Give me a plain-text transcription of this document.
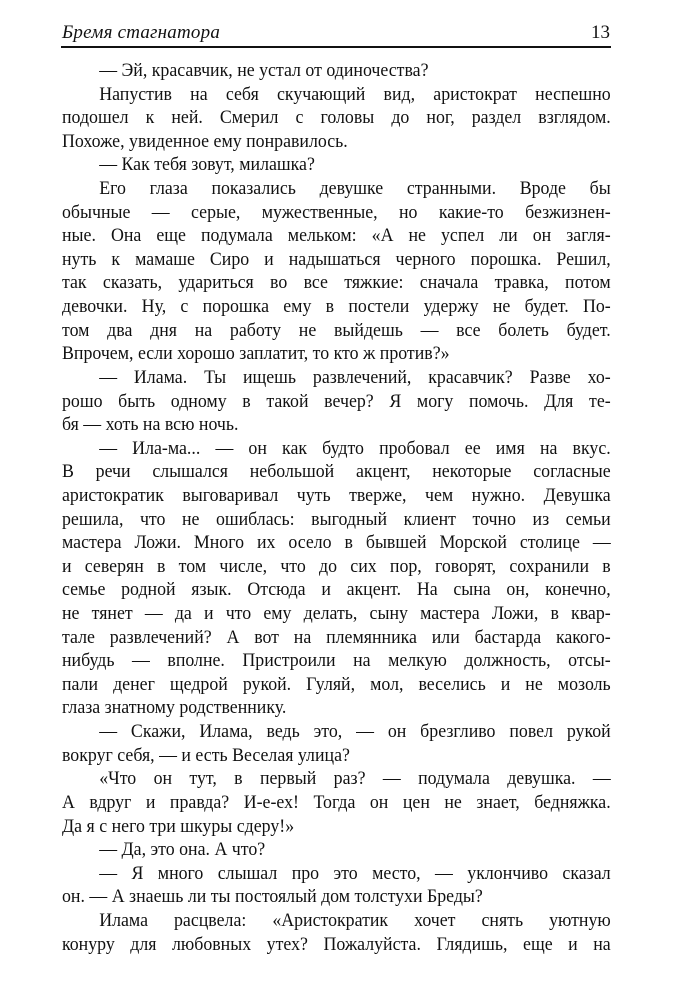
Бремя стагнатора	13
— Эй, красавчик, не устал от одиночества?
Напустив на себя скучающий вид, аристократ неспешно
подошел к ней. Смерил с головы до ног, раздел взглядом.
Похоже, увиденное ему понравилось.
— Как тебя зовут, милашка?
Его глаза показались девушке странными. Вроде бы
обычные — серые, мужественные, но какие-то безжизнен-
ные. Она еще подумала мельком: «А не успел ли он загля-
нуть к мамаше Сиро и надышаться черного порошка. Решил,
так сказать, удариться во все тяжкие: сначала травка, потом
девочки. Ну, с порошка ему в постели удержу не будет. По-
том два дня на работу не выйдешь — все болеть будет.
Впрочем, если хорошо заплатит, то кто ж против?»
— Илама. Ты ищешь развлечений, красавчик? Разве хо-
рошо быть одному в такой вечер? Я могу помочь. Для те-
бя — хоть на всю ночь.
— Ила-ма... — он как будто пробовал ее имя на вкус.
В речи слышался небольшой акцент, некоторые согласные
аристократик выговаривал чуть тверже, чем нужно. Девушка
решила, что не ошиблась: выгодный клиент точно из семьи
мастера Ложи. Много их осело в бывшей Морской столице —
и северян в том числе, что до сих пор, говорят, сохранили в
семье родной язык. Отсюда и акцент. На сына он, конечно,
не тянет — да и что ему делать, сыну мастера Ложи, в квар-
тале развлечений? А вот на племянника или бастарда какого-
нибудь — вполне. Пристроили на мелкую должность, отсы-
пали денег щедрой рукой. Гуляй, мол, веселись и не мозоль
глаза знатному родственнику.
— Скажи, Илама, ведь это, — он брезгливо повел рукой
вокруг себя, — и есть Веселая улица?
«Что он тут, в первый раз? — подумала девушка. —
А вдруг и правда? И-е-ех! Тогда он цен не знает, бедняжка.
Да я с него три шкуры сдеру!»
— Да, это она. А что?
— Я много слышал про это место, — уклончиво сказал
он. — А знаешь ли ты постоялый дом толстухи Бреды?
Илама расцвела: «Аристократик хочет снять уютную
конуру для любовных утех? Пожалуйста. Глядишь, еще и на
